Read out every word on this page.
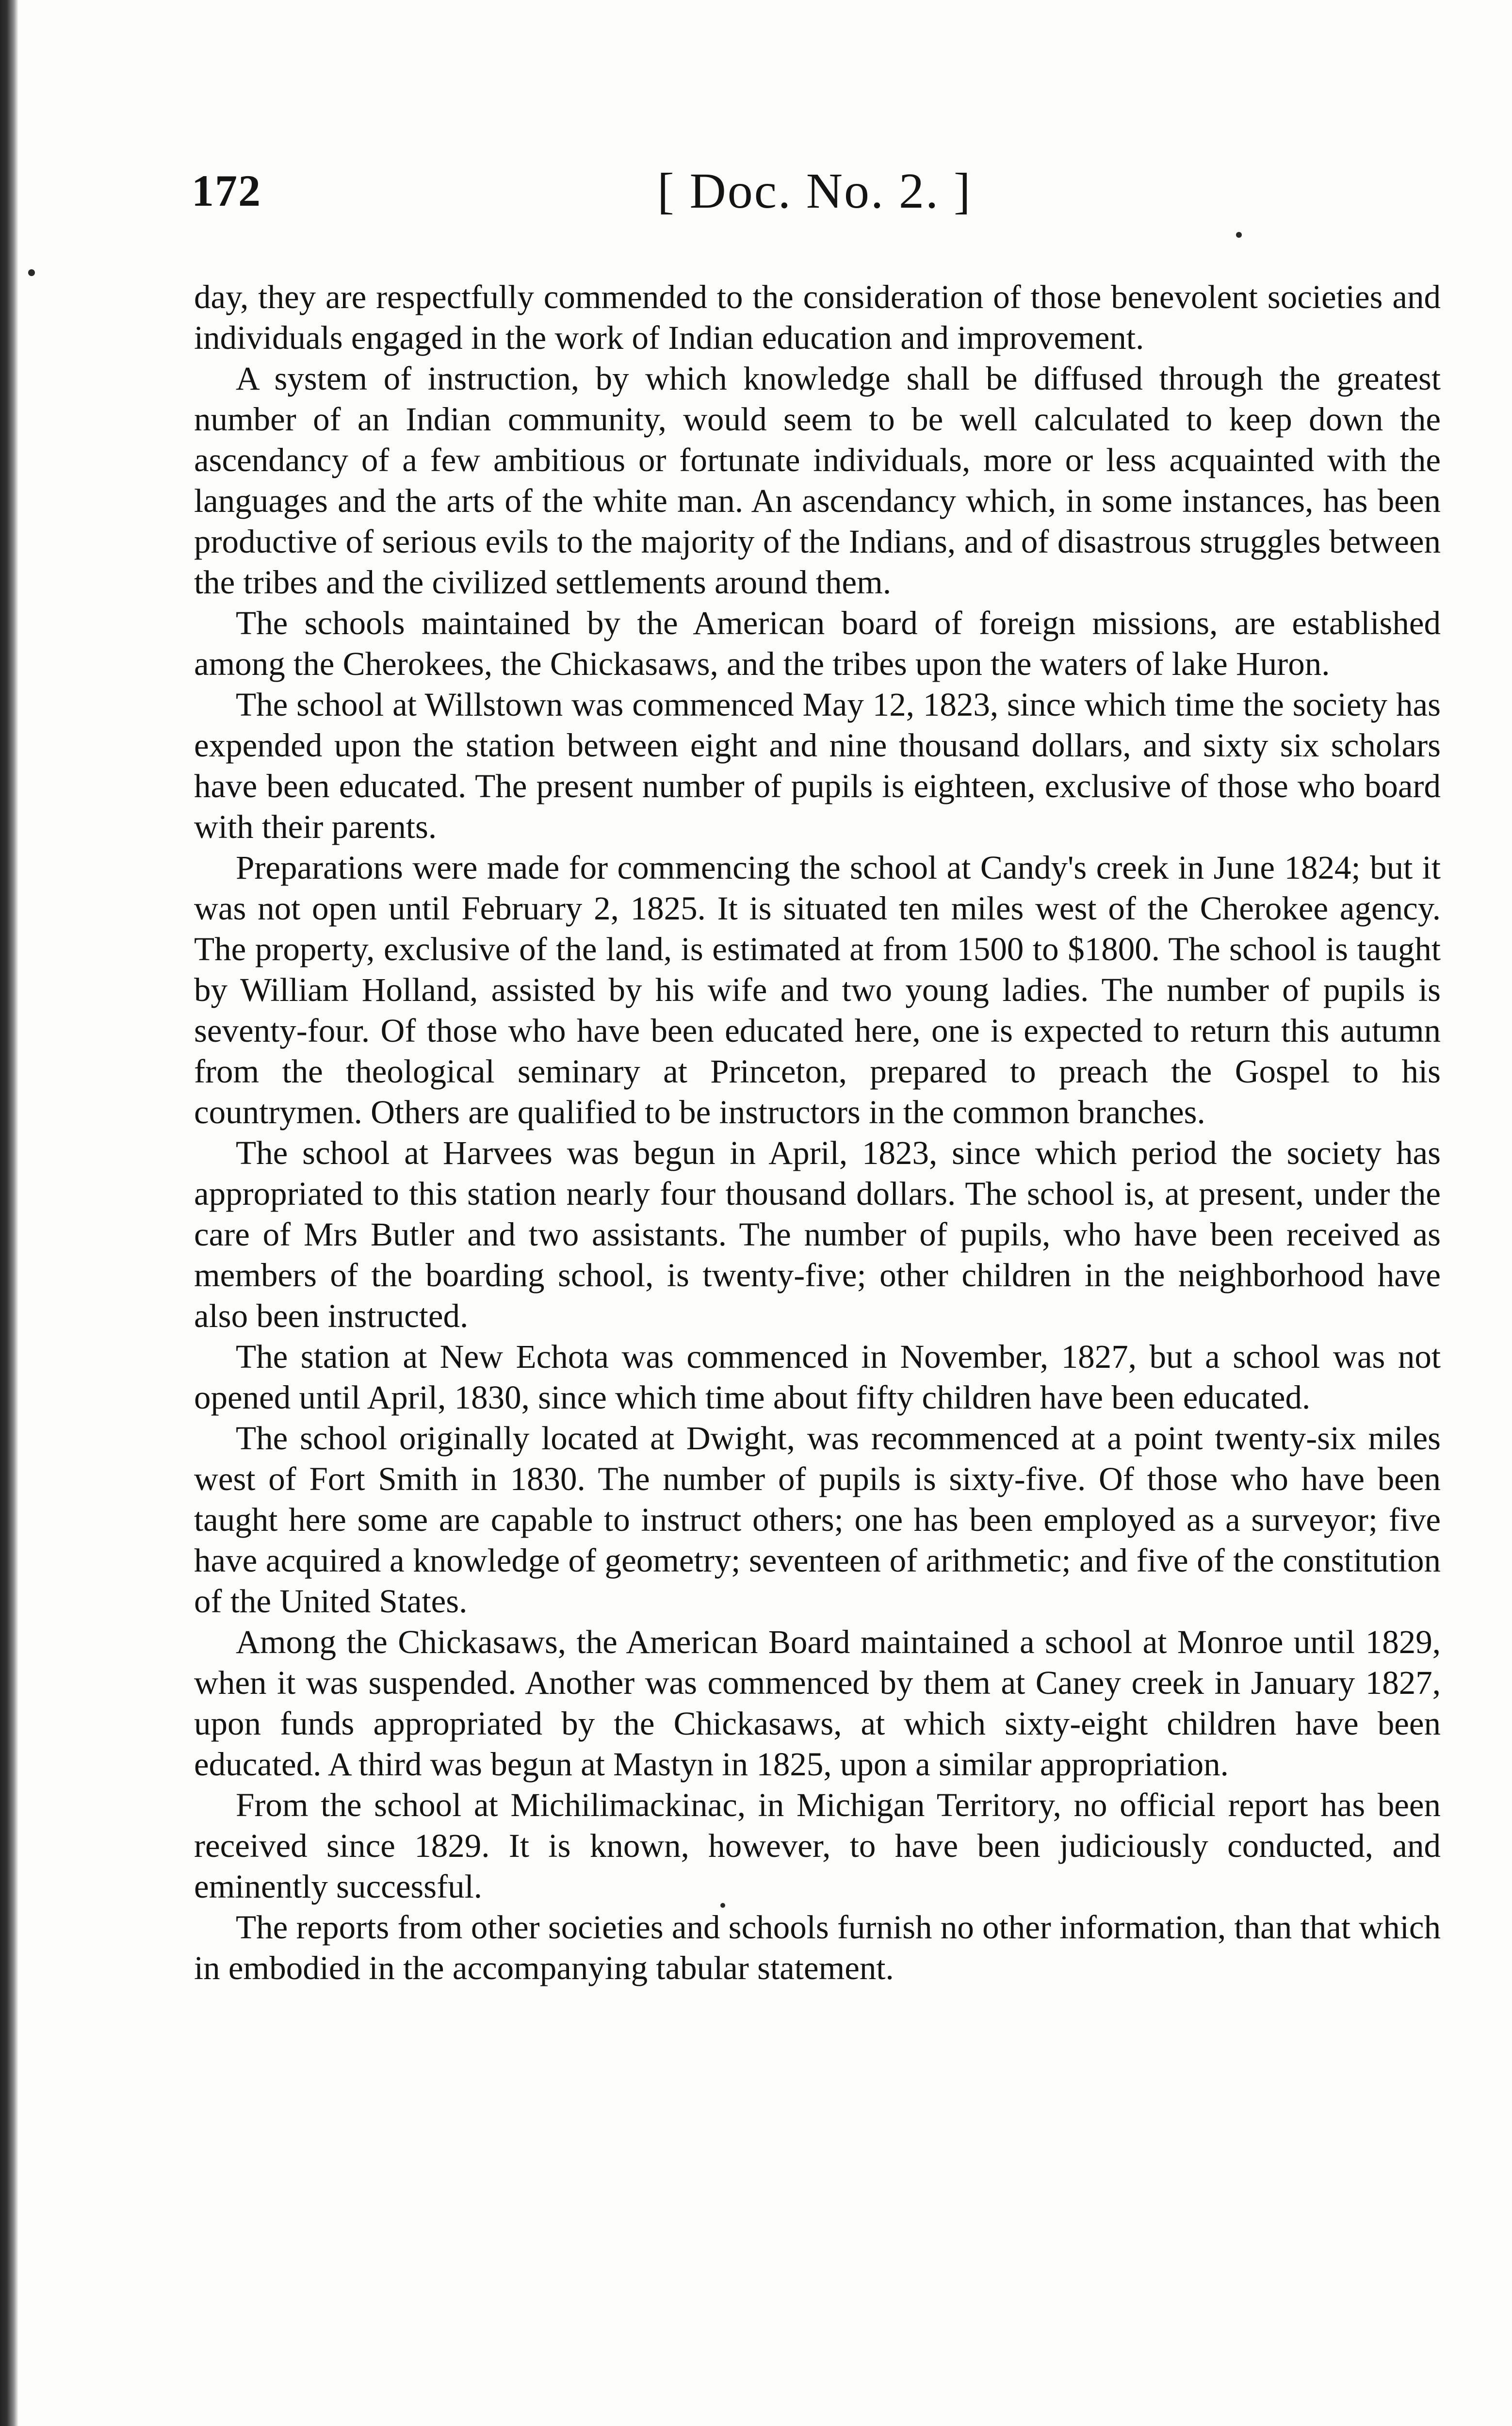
172	[ Doc. No. 2. ]

day, they are respectfully commended to the consideration of those benevolent societies and individuals engaged in the work of Indian education and improvement.

A system of instruction, by which knowledge shall be diffused through the greatest number of an Indian community, would seem to be well calculated to keep down the ascendancy of a few ambitious or fortunate individuals, more or less acquainted with the languages and the arts of the white man. An ascendancy which, in some instances, has been productive of serious evils to the majority of the Indians, and of disastrous struggles between the tribes and the civilized settlements around them.

The schools maintained by the American board of foreign missions, are established among the Cherokees, the Chickasaws, and the tribes upon the waters of lake Huron.

The school at Willstown was commenced May 12, 1823, since which time the society has expended upon the station between eight and nine thousand dollars, and sixty six scholars have been educated. The present number of pupils is eighteen, exclusive of those who board with their parents.

Preparations were made for commencing the school at Candy's creek in June 1824; but it was not open until February 2, 1825. It is situated ten miles west of the Cherokee agency. The property, exclusive of the land, is estimated at from 1500 to $1800. The school is taught by William Holland, assisted by his wife and two young ladies. The number of pupils is seventy-four. Of those who have been educated here, one is expected to return this autumn from the theological seminary at Princeton, prepared to preach the Gospel to his countrymen. Others are qualified to be instructors in the common branches.

The school at Harvees was begun in April, 1823, since which period the society has appropriated to this station nearly four thousand dollars. The school is, at present, under the care of Mrs Butler and two assistants. The number of pupils, who have been received as members of the boarding school, is twenty-five; other children in the neighborhood have also been instructed.

The station at New Echota was commenced in November, 1827, but a school was not opened until April, 1830, since which time about fifty children have been educated.

The school originally located at Dwight, was recommenced at a point twenty-six miles west of Fort Smith in 1830. The number of pupils is sixty-five. Of those who have been taught here some are capable to instruct others; one has been employed as a surveyor; five have acquired a knowledge of geometry; seventeen of arithmetic; and five of the constitution of the United States.

Among the Chickasaws, the American Board maintained a school at Monroe until 1829, when it was suspended. Another was commenced by them at Caney creek in January 1827, upon funds appropriated by the Chickasaws, at which sixty-eight children have been educated. A third was begun at Mastyn in 1825, upon a similar appropriation.

From the school at Michilimackinac, in Michigan Territory, no official report has been received since 1829. It is known, however, to have been judiciously conducted, and eminently successful.

The reports from other societies and schools furnish no other information, than that which in embodied in the accompanying tabular statement.
